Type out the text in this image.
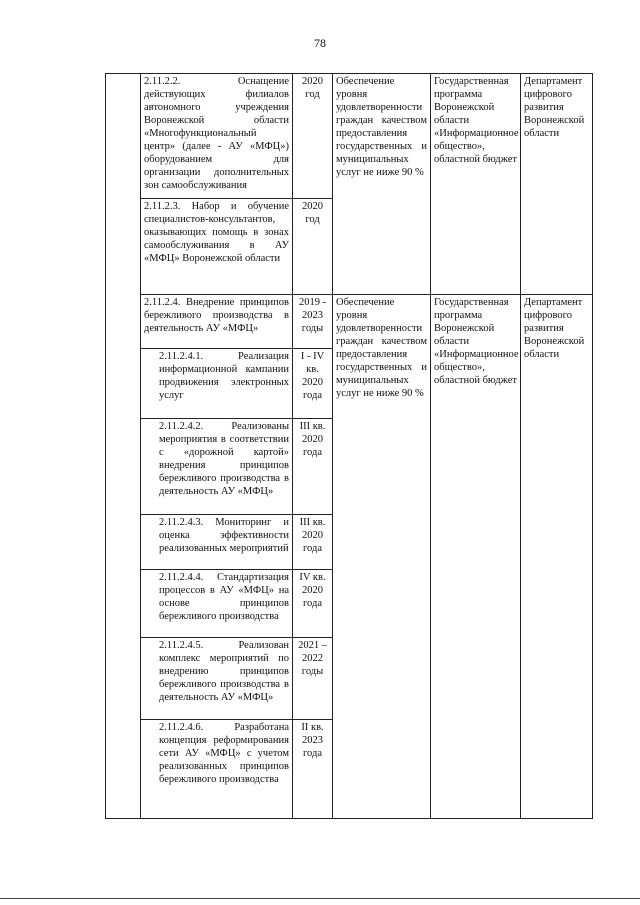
78
	2.11.2.2. Оснащение действующих филиалов автономного учреждения Воронежской области «Многофункциональный центр» (далее - АУ «МФЦ») оборудованием для организации дополнительных зон самообслуживания	2020 год	Обеспечение уровня удовлетворенности граждан качеством предоставления государственных и муниципальных услуг не ниже 90 %	Государственная программа Воронежской области «Информационное общество», областной бюджет	Департамент цифрового развития Воронежской области
	2.11.2.3. Набор и обучение специалистов-консультантов, оказывающих помощь в зонах самообслуживания в АУ «МФЦ» Воронежской области	2020 год			
	2.11.2.4. Внедрение принципов бережливого производства в деятельность АУ «МФЦ»	2019 - 2023 годы	Обеспечение уровня удовлетворенности граждан качеством предоставления государственных и муниципальных услуг не ниже 90 %	Государственная программа Воронежской области «Информационное общество», областной бюджет	Департамент цифрового развития Воронежской области
	2.11.2.4.1. Реализация информационной кампании продвижения электронных услуг	I - IV кв. 2020 года			
	2.11.2.4.2. Реализованы мероприятия в соответствии с «дорожной картой» внедрения принципов бережливого производства в деятельность АУ «МФЦ»	III кв. 2020 года			
	2.11.2.4.3. Мониторинг и оценка эффективности реализованных мероприятий	III кв. 2020 года			
	2.11.2.4.4. Стандартизация процессов в АУ «МФЦ» на основе принципов бережливого производства	IV кв. 2020 года			
	2.11.2.4.5. Реализован комплекс мероприятий по внедрению принципов бережливого производства в деятельность АУ «МФЦ»	2021 – 2022 годы			
	2.11.2.4.6. Разработана концепция реформирования сети АУ «МФЦ» с учетом реализованных принципов бережливого производства	II кв. 2023 года			
